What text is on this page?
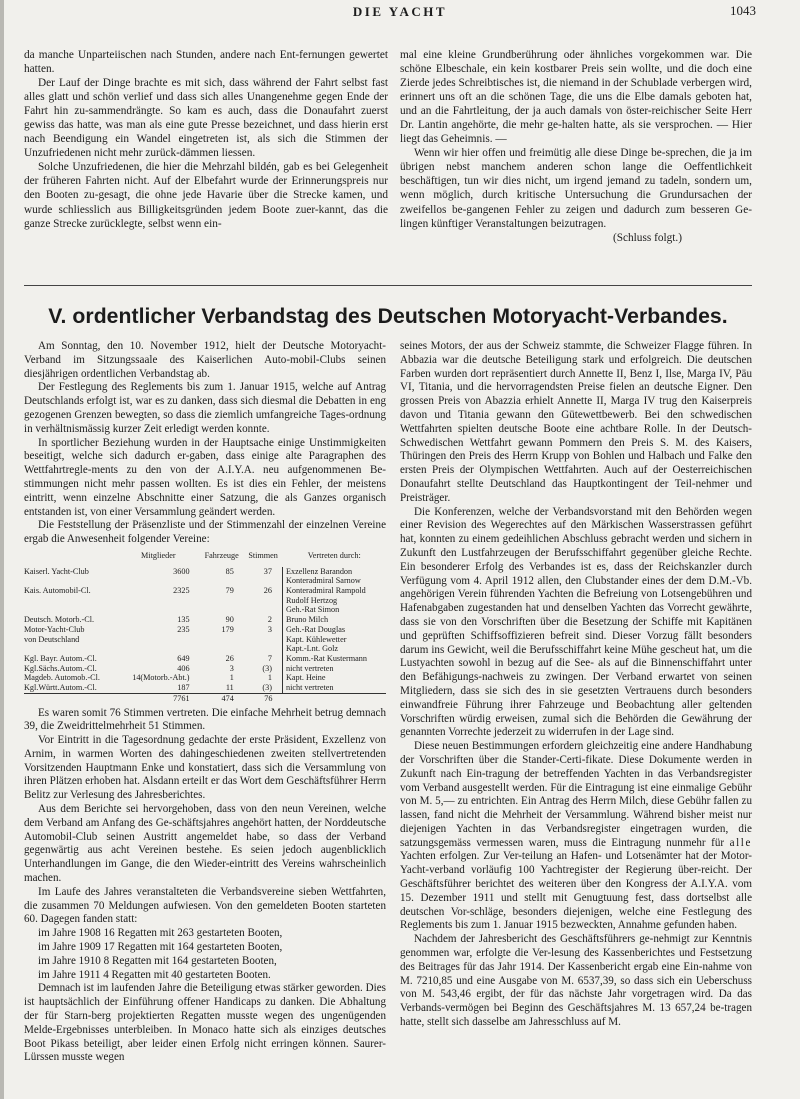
DIE YACHT	1043

da manche Unparteiischen nach Stunden, andere nach Ent-fernungen gewertet hatten.

Der Lauf der Dinge brachte es mit sich, dass während der Fahrt selbst fast alles glatt und schön verlief und dass sich alles Unangenehme gegen Ende der Fahrt hin zu-sammendrängte. So kam es auch, dass die Donaufahrt zuerst gewiss das hatte, was man als eine gute Presse bezeichnet, und dass hierin erst nach Beendigung ein Wandel eingetreten ist, als sich die Stimmen der Unzufriedenen nicht mehr zurück-dämmen liessen.

Solche Unzufriedenen, die hier die Mehrzahl bildén, gab es bei Gelegenheit der früheren Fahrten nicht. Auf der Elbefahrt wurde der Erinnerungspreis nur den Booten zu-gesagt, die ohne jede Havarie über die Strecke kamen, und wurde schliesslich aus Billigkeitsgründen jedem Boote zuer-kannt, das die ganze Strecke zurücklegte, selbst wenn ein-

mal eine kleine Grundberührung oder ähnliches vorgekommen war. Die schöne Elbeschale, ein kein kostbarer Preis sein wollte, und die doch eine Zierde jedes Schreibtisches ist, die niemand in der Schublade verbergen wird, erinnert uns oft an die schönen Tage, die uns die Elbe damals geboten hat, und an die Fahrtleitung, der ja auch damals von öster-reichischer Seite Herr Dr. Lantin angehörte, die mehr ge-halten hatte, als sie versprochen. — Hier liegt das Geheimnis. —

Wenn wir hier offen und freimütig alle diese Dinge be-sprechen, die ja im übrigen nebst manchem anderen schon lange die Oeffentlichkeit beschäftigen, tun wir dies nicht, um irgend jemand zu tadeln, sondern um, wenn möglich, durch kritische Untersuchung die Grundursachen der zweifellos be-gangenen Fehler zu zeigen und dadurch zum besseren Ge-lingen künftiger Veranstaltungen beizutragen.

(Schluss folgt.)

V. ordentlicher Verbandstag des Deutschen Motoryacht-Verbandes.

Am Sonntag, den 10. November 1912, hielt der Deutsche Motoryacht-Verband im Sitzungssaale des Kaiserlichen Auto-mobil-Clubs seinen diesjährigen ordentlichen Verbandstag ab.

Der Festlegung des Reglements bis zum 1. Januar 1915, welche auf Antrag Deutschlands erfolgt ist, war es zu danken, dass sich diesmal die Debatten in eng gezogenen Grenzen bewegten, so dass die ziemlich umfangreiche Tages-ordnung in verhältnismässig kurzer Zeit erledigt werden konnte.

In sportlicher Beziehung wurden in der Hauptsache einige Unstimmigkeiten beseitigt, welche sich dadurch er-gaben, dass einige alte Paragraphen des Wettfahrtregle-ments zu den von der A.I.Y.A. neu aufgenommenen Be-stimmungen nicht mehr passen wollten. Es ist dies ein Fehler, der meistens eintritt, wenn einzelne Abschnitte einer Satzung, die als Ganzes organisch entstanden ist, von einer Versammlung geändert werden.

Die Feststellung der Präsenzliste und der Stimmenzahl der einzelnen Vereine ergab die Anwesenheit folgender Vereine:

	Mitglieder	Fahrzeuge	Stimmen	Vertreten durch:
Kaiserl. Yacht-Club	3600	85	37	Exzellenz Barandon
Konteradmiral Sarnow
Kais. Automobil-Cl.	2325	79	26	Konteradmiral Rampold
Rudolf Hertzog
Geh.-Rat Simon
Deutsch. Motorb.-Cl.	135	90	2	Bruno Milch
Motor-Yacht-Club
von Deutschland	235	179	3	Geh.-Rat Douglas
Kapt. Kühlewetter
Kapt.-Lnt. Golz
Kgl. Bayr. Autom.-Cl.	649	26	7	Komm.-Rat Kustermann
Kgl.Sächs.Autom.-Cl.	406	3	(3)	nicht vertreten
Magdeb. Automob.-Cl.	14(Motorb.-Abt.)	1	1	Kapt. Heine
Kgl.Württ.Autom.-Cl.	187	11	(3)	nicht vertreten
	7761	474	76	

Es waren somit 76 Stimmen vertreten. Die einfache Mehrheit betrug demnach 39, die Zweidrittelmehrheit 51 Stimmen.

Vor Eintritt in die Tagesordnung gedachte der erste Präsident, Exzellenz von Arnim, in warmen Worten des dahingeschiedenen zweiten stellvertretenden Vorsitzenden Hauptmann Enke und konstatiert, dass sich die Versammlung von ihren Plätzen erhoben hat. Alsdann erteilt er das Wort dem Geschäftsführer Herrn Belitz zur Verlesung des Jahresberichtes.

Aus dem Berichte sei hervorgehoben, dass von den neun Vereinen, welche dem Verband am Anfang des Ge-schäftsjahres angehört hatten, der Norddeutsche Automobil-Club seinen Austritt angemeldet habe, so dass der Verband gegenwärtig aus acht Vereinen bestehe. Es seien jedoch augenblicklich Unterhandlungen im Gange, die den Wieder-eintritt des Vereins wahrscheinlich machen.

Im Laufe des Jahres veranstalteten die Verbandsvereine sieben Wettfahrten, die zusammen 70 Meldungen aufwiesen. Von den gemeldeten Booten starteten 60. Dagegen fanden statt:

im Jahre 1908 16 Regatten mit 263 gestarteten Booten,
im Jahre 1909 17 Regatten mit 164 gestarteten Booten,
im Jahre 1910 8 Regatten mit 164 gestarteten Booten,
im Jahre 1911 4 Regatten mit 40 gestarteten Booten.

Demnach ist im laufenden Jahre die Beteiligung etwas stärker geworden. Dies ist hauptsächlich der Einführung offener Handicaps zu danken. Die Abhaltung der für Starn-berg projektierten Regatten musste wegen des ungenügenden Melde-Ergebnisses unterbleiben. In Monaco hatte sich als einziges deutsches Boot Pikass beteiligt, aber leider einen Erfolg nicht erringen können. Saurer-Lürssen musste wegen

seines Motors, der aus der Schweiz stammte, die Schweizer Flagge führen. In Abbazia war die deutsche Beteiligung stark und erfolgreich. Die deutschen Farben wurden dort repräsentiert durch Annette II, Benz I, Ilse, Marga IV, Päu VI, Titania, und die hervorragendsten Preise fielen an deutsche Eigner. Den grossen Preis von Abazzia erhielt Annette II, Marga IV trug den Kaiserpreis davon und Titania gewann den Gütewettbewerb. Bei den schwedischen Wettfahrten spielten deutsche Boote eine achtbare Rolle. In der Deutsch-Schwedischen Wettfahrt gewann Pommern den Preis S. M. des Kaisers, Thüringen den Preis des Herrn Krupp von Bohlen und Halbach und Falke den ersten Preis der Olympischen Wettfahrten. Auch auf der Oesterreichischen Donaufahrt stellte Deutschland das Hauptkontingent der Teil-nehmer und Preisträger.

Die Konferenzen, welche der Verbandsvorstand mit den Behörden wegen einer Revision des Wegerechtes auf den Märkischen Wasserstrassen geführt hat, konnten zu einem gedeihlichen Abschluss gebracht werden und sichern in Zukunft den Lustfahrzeugen der Berufsschiffahrt gegenüber gleiche Rechte. Ein besonderer Erfolg des Verbandes ist es, dass der Reichskanzler durch Verfügung vom 4. April 1912 allen, den Clubstander eines der dem D.M.-Vb. angehörigen Verein führenden Yachten die Befreiung von Lotsengebühren und Hafenabgaben zugestanden hat und denselben Yachten das Vorrecht gewährte, dass sie von den Vorschriften über die Besetzung der Schiffe mit Kapitänen und geprüften Schiffsoffizieren befreit sind. Dieser Vorzug fällt besonders darum ins Gewicht, weil die Berufsschiffahrt keine Mühe gescheut hat, um die Lustyachten sowohl in bezug auf die See- als auf die Binnenschiffahrt unter den Befähigungs-nachweis zu zwingen. Der Verband erwartet von seinen Mitgliedern, dass sie sich des in sie gesetzten Vertrauens durch besonders einwandfreie Führung ihrer Fahrzeuge und Beobachtung aller geltenden Vorschriften würdig erweisen, zumal sich die Behörden die Gewährung der genannten Vorrechte jederzeit zu widerrufen in der Lage sind.

Diese neuen Bestimmungen erfordern gleichzeitig eine andere Handhabung der Vorschriften über die Stander-Certi-fikate. Diese Dokumente werden in Zukunft nach Ein-tragung der betreffenden Yachten in das Verbandsregister vom Verband ausgestellt werden. Für die Eintragung ist eine einmalige Gebühr von M. 5,— zu entrichten. Ein Antrag des Herrn Milch, diese Gebühr fallen zu lassen, fand nicht die Mehrheit der Versammlung. Während bisher meist nur diejenigen Yachten in das Verbandsregister eingetragen wurden, die satzungsgemäss vermessen waren, muss die Eintragung nunmehr für alle Yachten erfolgen. Zur Ver-teilung an Hafen- und Lotsenämter hat der Motor-Yacht-verband vorläufig 100 Yachtregister der Regierung über-reicht. Der Geschäftsführer berichtet des weiteren über den Kongress der A.I.Y.A. vom 15. Dezember 1911 und stellt mit Genugtuung fest, dass dortselbst alle deutschen Vor-schläge, besonders diejenigen, welche eine Festlegung des Reglements bis zum 1. Januar 1915 bezweckten, Annahme gefunden haben.

Nachdem der Jahresbericht des Geschäftsführers ge-nehmigt zur Kenntnis genommen war, erfolgte die Ver-lesung des Kassenberichtes und Festsetzung des Beitrages für das Jahr 1914. Der Kassenbericht ergab eine Ein-nahme von M. 7210,85 und eine Ausgabe von M. 6537,39, so dass sich ein Ueberschuss von M. 543,46 ergibt, der für das nächste Jahr vorgetragen wird. Da das Verbands-vermögen bei Beginn des Geschäftsjahres M. 13 657,24 be-tragen hatte, stellt sich dasselbe am Jahresschluss auf M.
